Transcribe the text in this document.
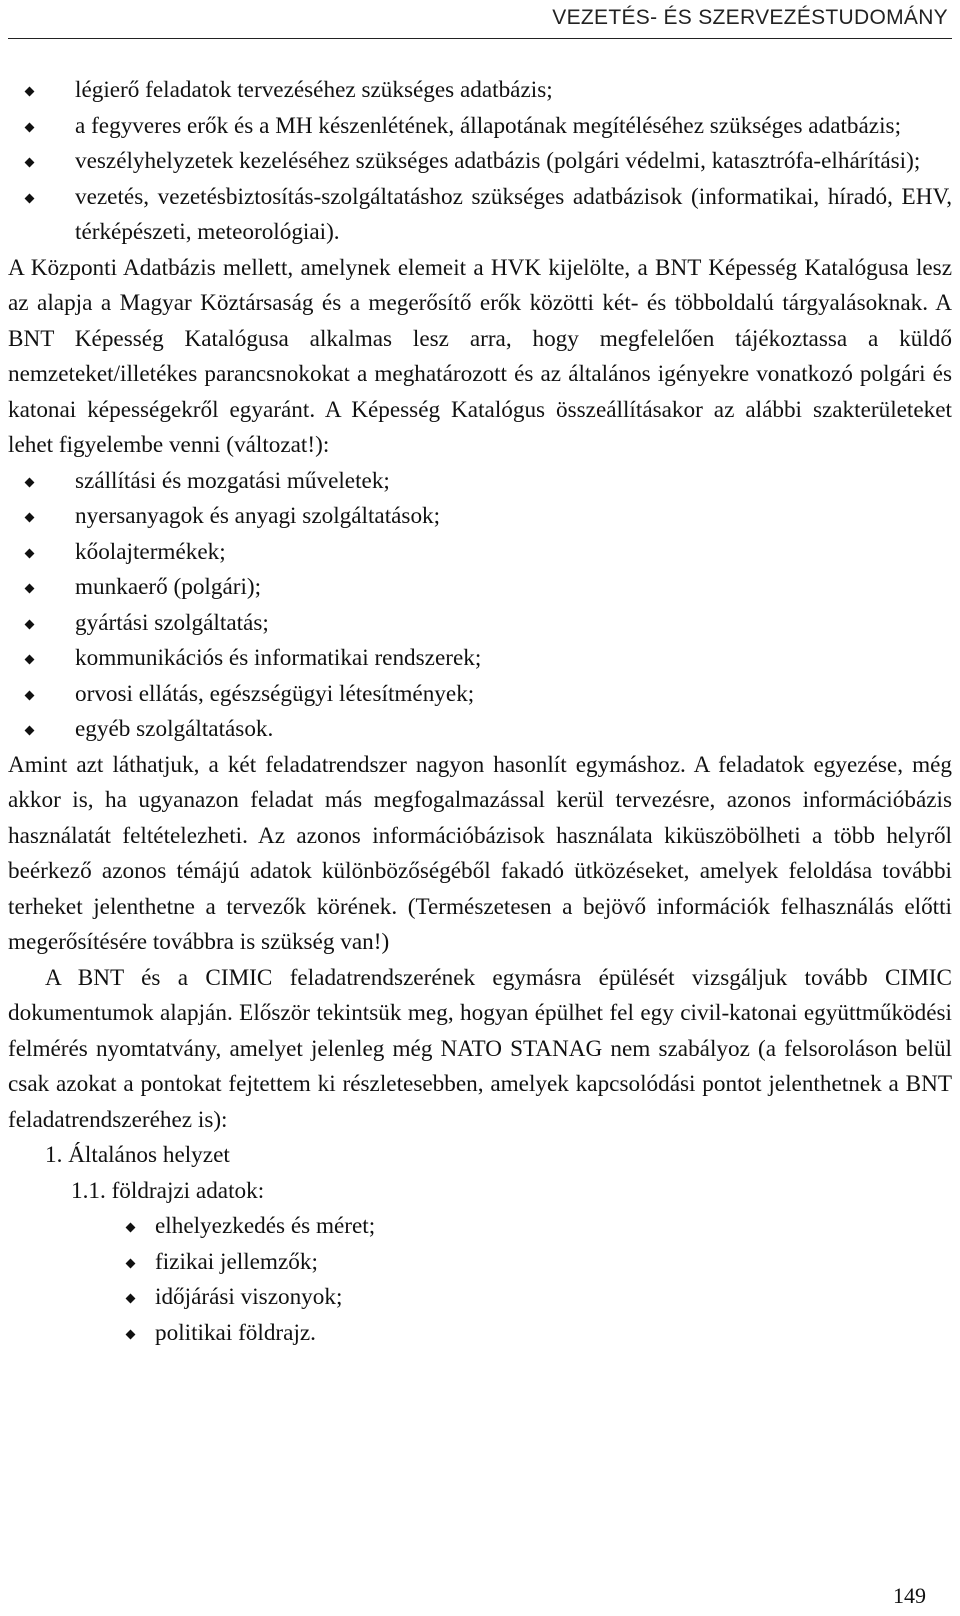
VEZETÉS- ÉS SZERVEZÉSTUDOMÁNY

légierő feladatok tervezéséhez szükséges adatbázis;

a fegyveres erők és a MH készenlétének, állapotának megítéléséhez szükséges adatbázis;

veszélyhelyzetek kezeléséhez szükséges adatbázis (polgári védelmi, katasztrófa-elhárítási);

vezetés, vezetésbiztosítás-szolgáltatáshoz szükséges adatbázisok (informatikai, híradó, EHV, térképészeti, meteorológiai).

A Központi Adatbázis mellett, amelynek elemeit a HVK kijelölte, a BNT Képesség Katalógusa lesz az alapja a Magyar Köztársaság és a megerősítő erők közötti két- és többoldalú tárgyalásoknak. A BNT Képesség Katalógusa alkalmas lesz arra, hogy megfelelően tájékoztassa a küldő nemzeteket/illetékes parancsnokokat a meghatározott és az általános igényekre vonatkozó polgári és katonai képességekről egyaránt. A Képesség Katalógus összeállításakor az alábbi szakterületeket lehet figyelembe venni (változat!):

szállítási és mozgatási műveletek;

nyersanyagok és anyagi szolgáltatások;

kőolajtermékek;

munkaerő (polgári);

gyártási szolgáltatás;

kommunikációs és informatikai rendszerek;

orvosi ellátás, egészségügyi létesítmények;

egyéb szolgáltatások.

Amint azt láthatjuk, a két feladatrendszer nagyon hasonlít egymáshoz. A feladatok egyezése, még akkor is, ha ugyanazon feladat más megfogalmazással kerül tervezésre, azonos információbázis használatát feltételezheti. Az azonos információbázisok használata kiküszöbölheti a több helyről beérkező azonos témájú adatok különbözőségéből fakadó ütközéseket, amelyek feloldása további terheket jelenthetne a tervezők körének. (Természetesen a bejövő információk felhasználás előtti megerősítésére továbbra is szükség van!)

A BNT és a CIMIC feladatrendszerének egymásra épülését vizsgáljuk tovább CIMIC dokumentumok alapján. Először tekintsük meg, hogyan épülhet fel egy civil-katonai együttműködési felmérés nyomtatvány, amelyet jelenleg még NATO STANAG nem szabályoz (a felsoroláson belül csak azokat a pontokat fejtettem ki részletesebben, amelyek kapcsolódási pontot jelenthetnek a BNT feladatrendszeréhez is):

1. Általános helyzet

1.1. földrajzi adatok:

elhelyezkedés és méret;

fizikai jellemzők;

időjárási viszonyok;

politikai földrajz.

149
